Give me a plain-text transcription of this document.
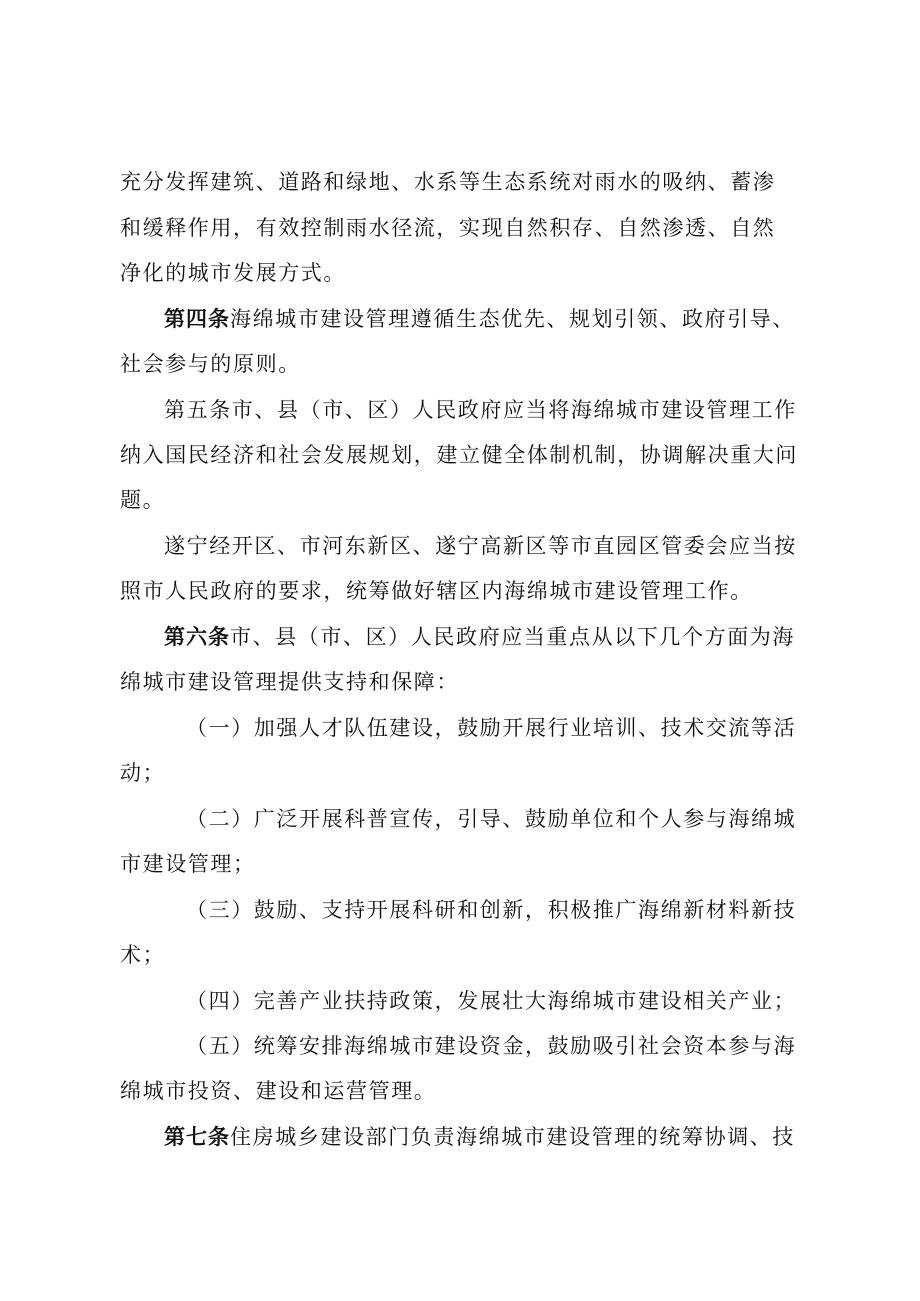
充分发挥建筑、道路和绿地、水系等生态系统对雨水的吸纳、蓄渗
和缓释作用，有效控制雨水径流，实现自然积存、自然渗透、自然
净化的城市发展方式。
第四条海绵城市建设管理遵循生态优先、规划引领、政府引导、
社会参与的原则。
第五条市、县（市、区）人民政府应当将海绵城市建设管理工作
纳入国民经济和社会发展规划，建立健全体制机制，协调解决重大问
题。
遂宁经开区、市河东新区、遂宁高新区等市直园区管委会应当按
照市人民政府的要求，统筹做好辖区内海绵城市建设管理工作。
第六条市、县（市、区）人民政府应当重点从以下几个方面为海
绵城市建设管理提供支持和保障：
（一）加强人才队伍建设，鼓励开展行业培训、技术交流等活
动；
（二）广泛开展科普宣传，引导、鼓励单位和个人参与海绵城
市建设管理；
（三）鼓励、支持开展科研和创新，积极推广海绵新材料新技
术；
（四）完善产业扶持政策，发展壮大海绵城市建设相关产业；
（五）统筹安排海绵城市建设资金，鼓励吸引社会资本参与海
绵城市投资、建设和运营管理。
第七条住房城乡建设部门负责海绵城市建设管理的统筹协调、技
